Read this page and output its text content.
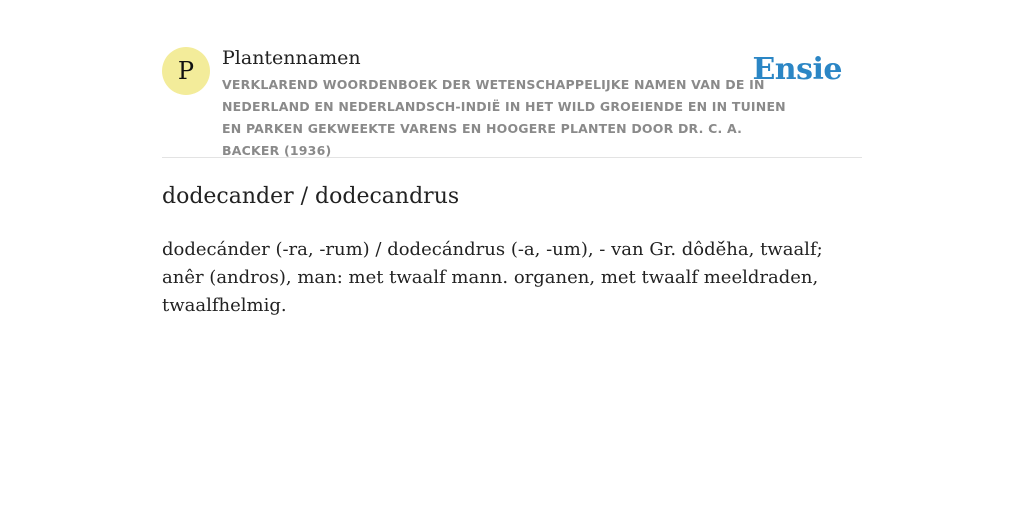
P Plantennamen
VERKLAREND WOORDENBOEK DER WETENSCHAPPELIJKE NAMEN VAN DE IN NEDERLAND EN NEDERLANDSCH-INDIË IN HET WILD GROEIENDE EN IN TUINEN EN PARKEN GEKWEEKTE VARENS EN HOOGERE PLANTEN DOOR DR. C. A. BACKER (1936)
Ensie
dodecander / dodecandrus
dodecánder (-ra, -rum) / dodecándrus (-a, -um), - van Gr. dôdĕ́ha, twaalf; anêr (andros), man: met twaalf mann. organen, met twaalf meeldraden, twaalfhelmig.
